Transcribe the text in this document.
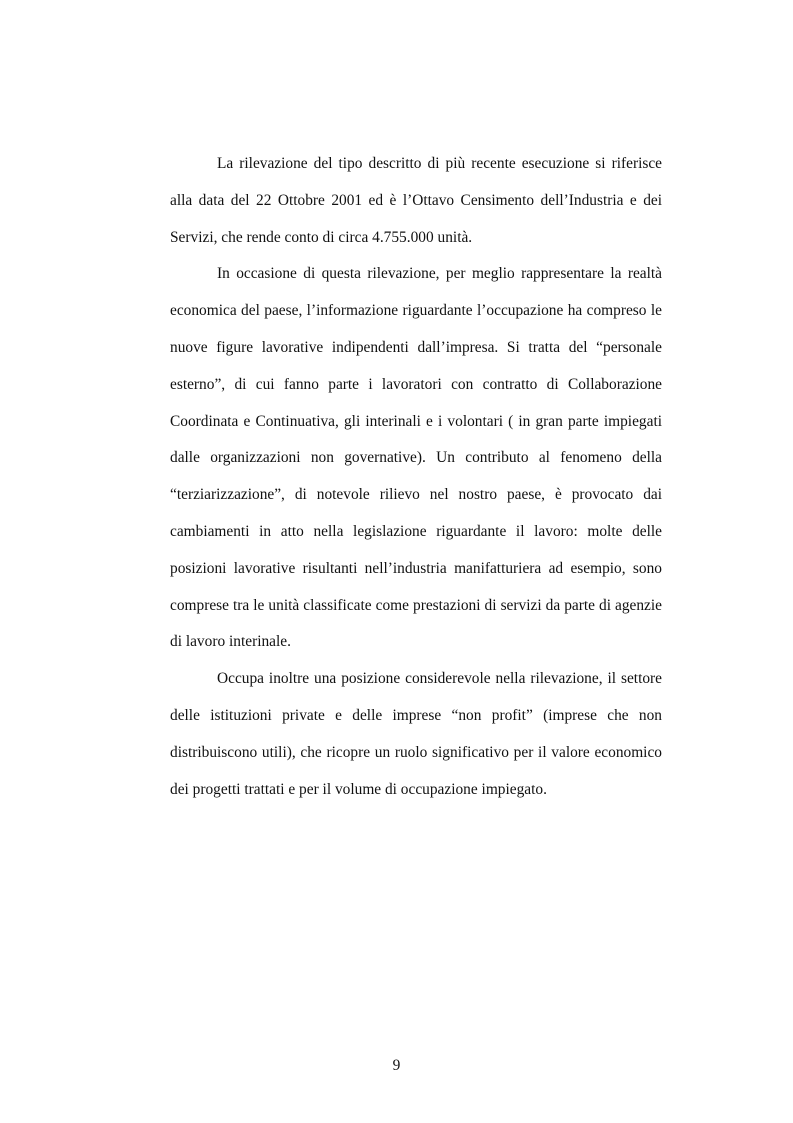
La rilevazione del tipo descritto di più recente esecuzione si riferisce alla data del 22 Ottobre 2001 ed è l’Ottavo Censimento dell’Industria e dei Servizi, che rende conto di circa 4.755.000 unità.

In occasione di questa rilevazione, per meglio rappresentare la realtà economica del paese, l’informazione riguardante l’occupazione ha compreso le nuove figure lavorative indipendenti dall’impresa. Si tratta del “personale esterno”, di cui fanno parte i lavoratori con contratto di Collaborazione Coordinata e Continuativa, gli interinali e i volontari ( in gran parte impiegati dalle organizzazioni non governative). Un contributo al fenomeno della “terziarizzazione”, di notevole rilievo nel nostro paese, è provocato dai cambiamenti in atto nella legislazione riguardante il lavoro: molte delle posizioni lavorative risultanti nell’industria manifatturiera ad esempio, sono comprese tra le unità classificate come prestazioni di servizi da parte di agenzie di lavoro interinale.

Occupa inoltre una posizione considerevole nella rilevazione, il settore delle istituzioni private e delle imprese “non profit” (imprese che non distribuiscono utili), che ricopre un ruolo significativo per il valore economico dei progetti trattati e per il volume di occupazione impiegato.

9
